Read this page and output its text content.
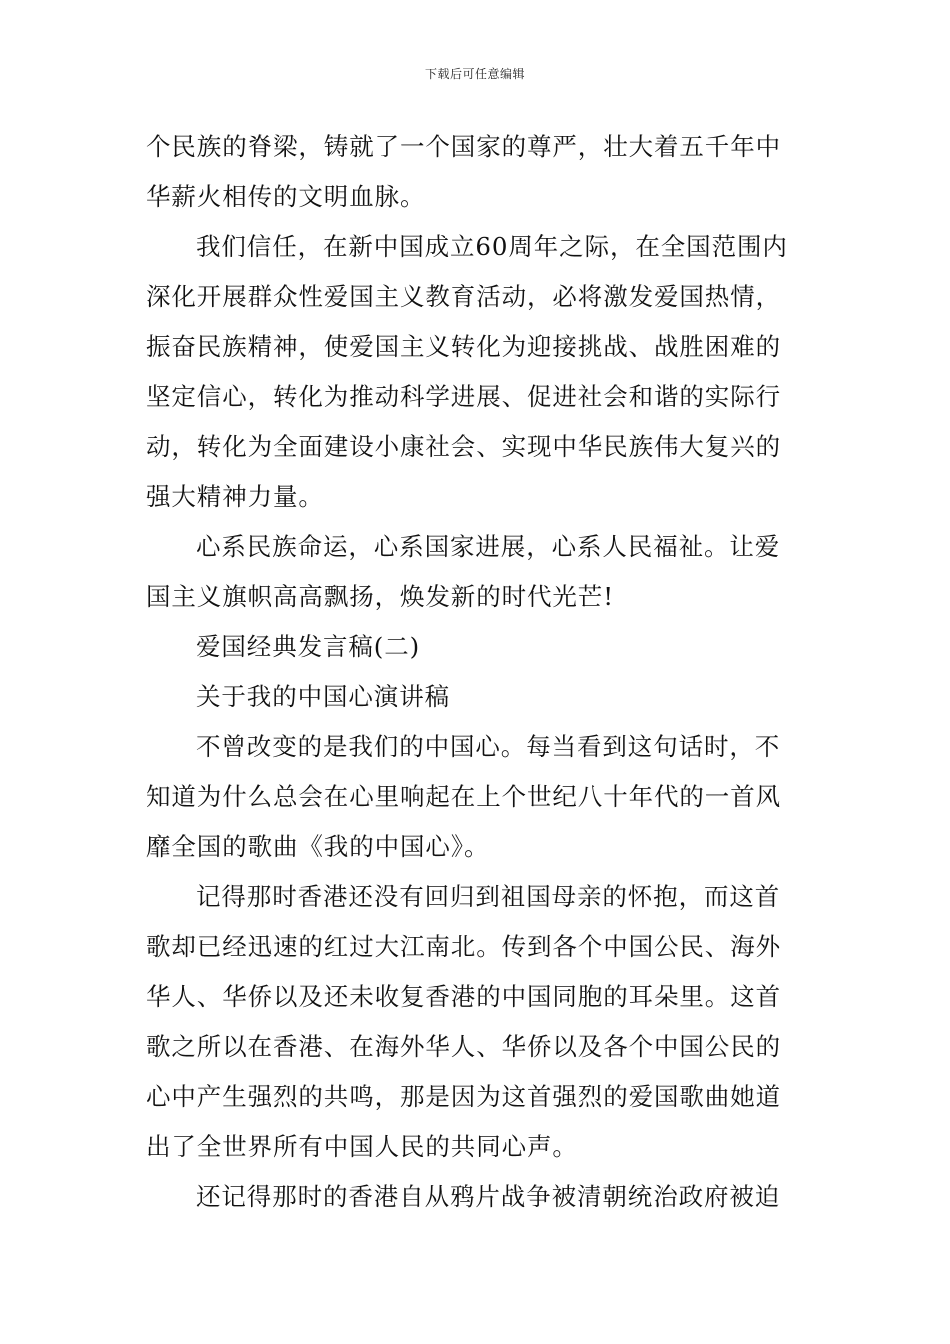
下载后可任意编辑
个民族的脊梁，铸就了一个国家的尊严，壮大着五千年中
华薪火相传的文明血脉。
我们信任，在新中国成立60周年之际，在全国范围内
深化开展群众性爱国主义教育活动，必将激发爱国热情，
振奋民族精神，使爱国主义转化为迎接挑战、战胜困难的
坚定信心，转化为推动科学进展、促进社会和谐的实际行
动，转化为全面建设小康社会、实现中华民族伟大复兴的
强大精神力量。
心系民族命运，心系国家进展，心系人民福祉。让爱
国主义旗帜高高飘扬，焕发新的时代光芒!
爱国经典发言稿(二)
关于我的中国心演讲稿
不曾改变的是我们的中国心。每当看到这句话时，不
知道为什么总会在心里响起在上个世纪八十年代的一首风
靡全国的歌曲《我的中国心》。
记得那时香港还没有回归到祖国母亲的怀抱，而这首
歌却已经迅速的红过大江南北。传到各个中国公民、海外
华人、华侨以及还未收复香港的中国同胞的耳朵里。这首
歌之所以在香港、在海外华人、华侨以及各个中国公民的
心中产生强烈的共鸣，那是因为这首强烈的爱国歌曲她道
出了全世界所有中国人民的共同心声。
还记得那时的香港自从鸦片战争被清朝统治政府被迫
